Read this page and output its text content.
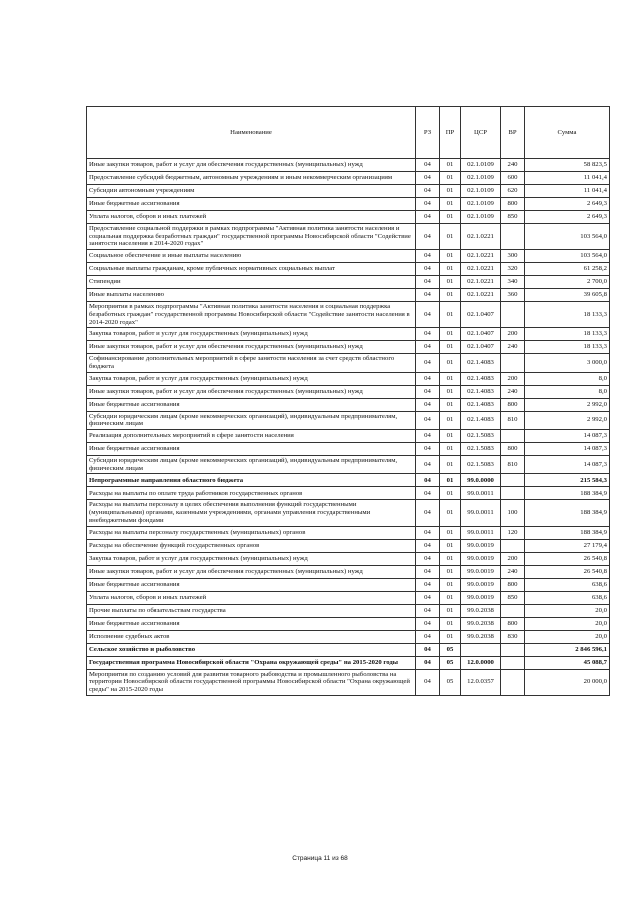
Наименование	РЗ	ПР	ЦСР	ВР	Сумма
Иные закупки товаров, работ и услуг для обеспечения государственных (муниципальных) нужд	04	01	02.1.0109	240	58 823,5
Предоставление субсидий бюджетным, автономным учреждениям и иным некоммерческим организациям	04	01	02.1.0109	600	11 041,4
Субсидии автономным учреждениям	04	01	02.1.0109	620	11 041,4
Иные бюджетные ассигнования	04	01	02.1.0109	800	2 649,3
Уплата налогов, сборов и иных платежей	04	01	02.1.0109	850	2 649,3
Предоставление социальной поддержки в рамках подпрограммы "Активная политика занятости населения и социальная поддержка безработных граждан" государственной программы Новосибирской области "Содействие занятости населения в 2014-2020 годах"	04	01	02.1.0221		103 564,0
Социальное обеспечение и иные выплаты населению	04	01	02.1.0221	300	103 564,0
Социальные выплаты гражданам, кроме публичных нормативных социальных выплат	04	01	02.1.0221	320	61 258,2
Стипендии	04	01	02.1.0221	340	2 700,0
Иные выплаты населению	04	01	02.1.0221	360	39 605,8
Мероприятия в рамках подпрограммы "Активная политика занятости населения и социальная поддержка безработных граждан" государственной программы Новосибирской области "Содействие занятости населения в 2014-2020 годах"	04	01	02.1.0407		18 133,3
Закупка товаров, работ и услуг для государственных (муниципальных) нужд	04	01	02.1.0407	200	18 133,3
Иные закупки товаров, работ и услуг для обеспечения государственных (муниципальных) нужд	04	01	02.1.0407	240	18 133,3
Софинансирование дополнительных мероприятий в сфере занятости населения за счет средств областного бюджета	04	01	02.1.4083		3 000,0
Закупка товаров, работ и услуг для государственных (муниципальных) нужд	04	01	02.1.4083	200	8,0
Иные закупки товаров, работ и услуг для обеспечения государственных (муниципальных) нужд	04	01	02.1.4083	240	8,0
Иные бюджетные ассигнования	04	01	02.1.4083	800	2 992,0
Субсидии юридическим лицам (кроме некоммерческих организаций), индивидуальным предпринимателям, физическим лицам	04	01	02.1.4083	810	2 992,0
Реализация дополнительных мероприятий в сфере занятости населения	04	01	02.1.5083		14 087,3
Иные бюджетные ассигнования	04	01	02.1.5083	800	14 087,3
Субсидии юридическим лицам (кроме некоммерческих организаций), индивидуальным предпринимателям, физическим лицам	04	01	02.1.5083	810	14 087,3
Непрограммные направления областного бюджета	04	01	99.0.0000		215 584,3
Расходы на выплаты по оплате труда работников государственных органов	04	01	99.0.0011		188 384,9
Расходы на выплаты персоналу в целях обеспечения выполнения функций государственными (муниципальными) органами, казенными учреждениями, органами управления государственными внебюджетными фондами	04	01	99.0.0011	100	188 384,9
Расходы на выплаты персоналу государственных (муниципальных) органов	04	01	99.0.0011	120	188 384,9
Расходы на обеспечение функций государственных органов	04	01	99.0.0019		27 179,4
Закупка товаров, работ и услуг для государственных (муниципальных) нужд	04	01	99.0.0019	200	26 540,8
Иные закупки товаров, работ и услуг для обеспечения государственных (муниципальных) нужд	04	01	99.0.0019	240	26 540,8
Иные бюджетные ассигнования	04	01	99.0.0019	800	638,6
Уплата налогов, сборов и иных платежей	04	01	99.0.0019	850	638,6
Прочие выплаты по обязательствам государства	04	01	99.0.2038		20,0
Иные бюджетные ассигнования	04	01	99.0.2038	800	20,0
Исполнение судебных актов	04	01	99.0.2038	830	20,0
Сельское хозяйство и рыболовство	04	05			2 846 596,1
Государственная программа Новосибирской области "Охрана окружающей среды" на 2015-2020 годы	04	05	12.0.0000		45 088,7
Мероприятия по созданию условий для развития товарного рыбоводства и промышленного рыболовства на территории Новосибирской области государственной программы Новосибирской области "Охрана окружающей среды" на 2015-2020 годы	04	05	12.0.0357		20 000,0
Страница 11 из 68
